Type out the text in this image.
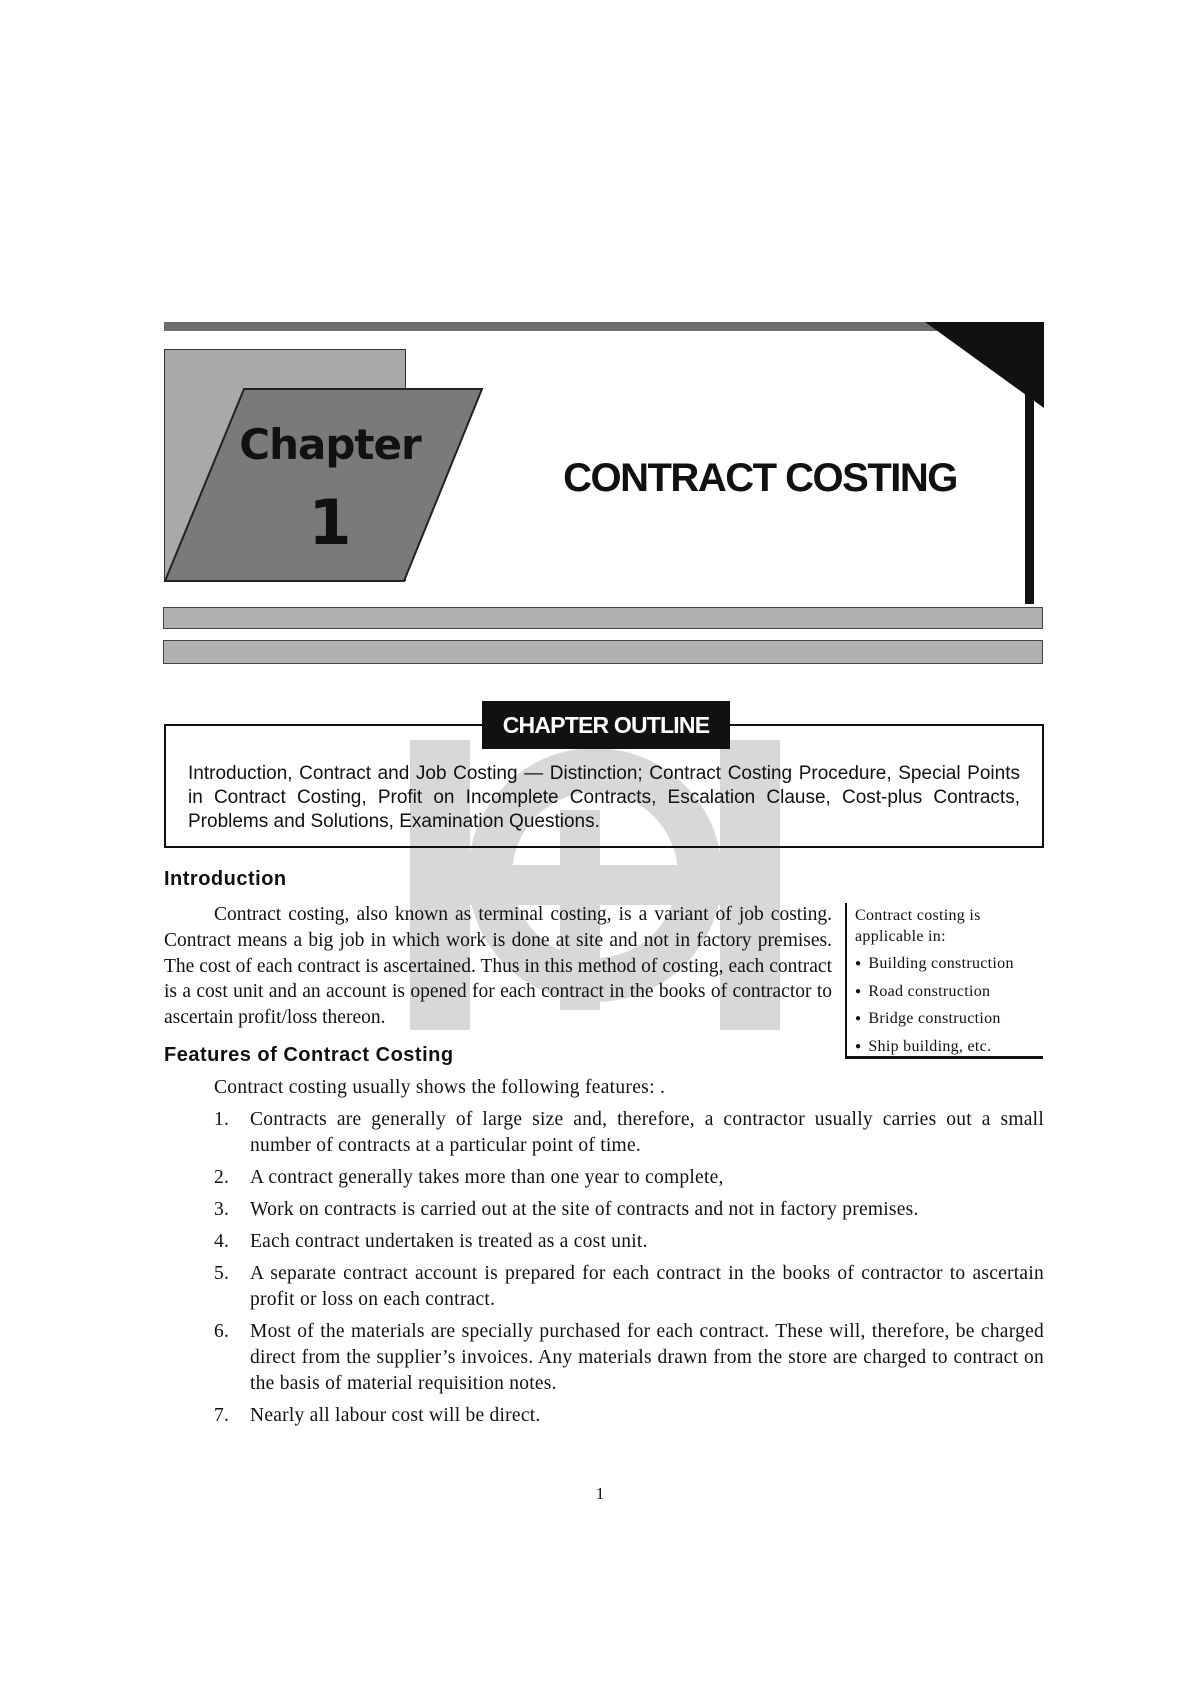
Chapter
1
CONTRACT COSTING
CHAPTER OUTLINE
Introduction, Contract and Job Costing — Distinction; Contract Costing Procedure, Special Points in Contract Costing, Profit on Incomplete Contracts, Escalation Clause, Cost-plus Contracts, Problems and Solutions, Examination Questions.
Introduction
Contract costing, also known as terminal costing, is a variant of job costing. Contract means a big job in which work is done at site and not in factory premises. The cost of each contract is ascertained. Thus in this method of costing, each contract is a cost unit and an account is opened for each contract in the books of contractor to ascertain profit/loss thereon.
Contract costing is applicable in:
● Building construction
● Road construction
● Bridge construction
● Ship building, etc.
Features of Contract Costing
Contract costing usually shows the following features: .
1.	Contracts are generally of large size and, therefore, a contractor usually carries out a small number of contracts at a particular point of time.
2.	A contract generally takes more than one year to complete,
3.	Work on contracts is carried out at the site of contracts and not in factory premises.
4.	Each contract undertaken is treated as a cost unit.
5.	A separate contract account is prepared for each contract in the books of contractor to ascertain profit or loss on each contract.
6.	Most of the materials are specially purchased for each contract. These will, therefore, be charged direct from the supplier’s invoices. Any materials drawn from the store are charged to contract on the basis of material requisition notes.
7.	Nearly all labour cost will be direct.
1
